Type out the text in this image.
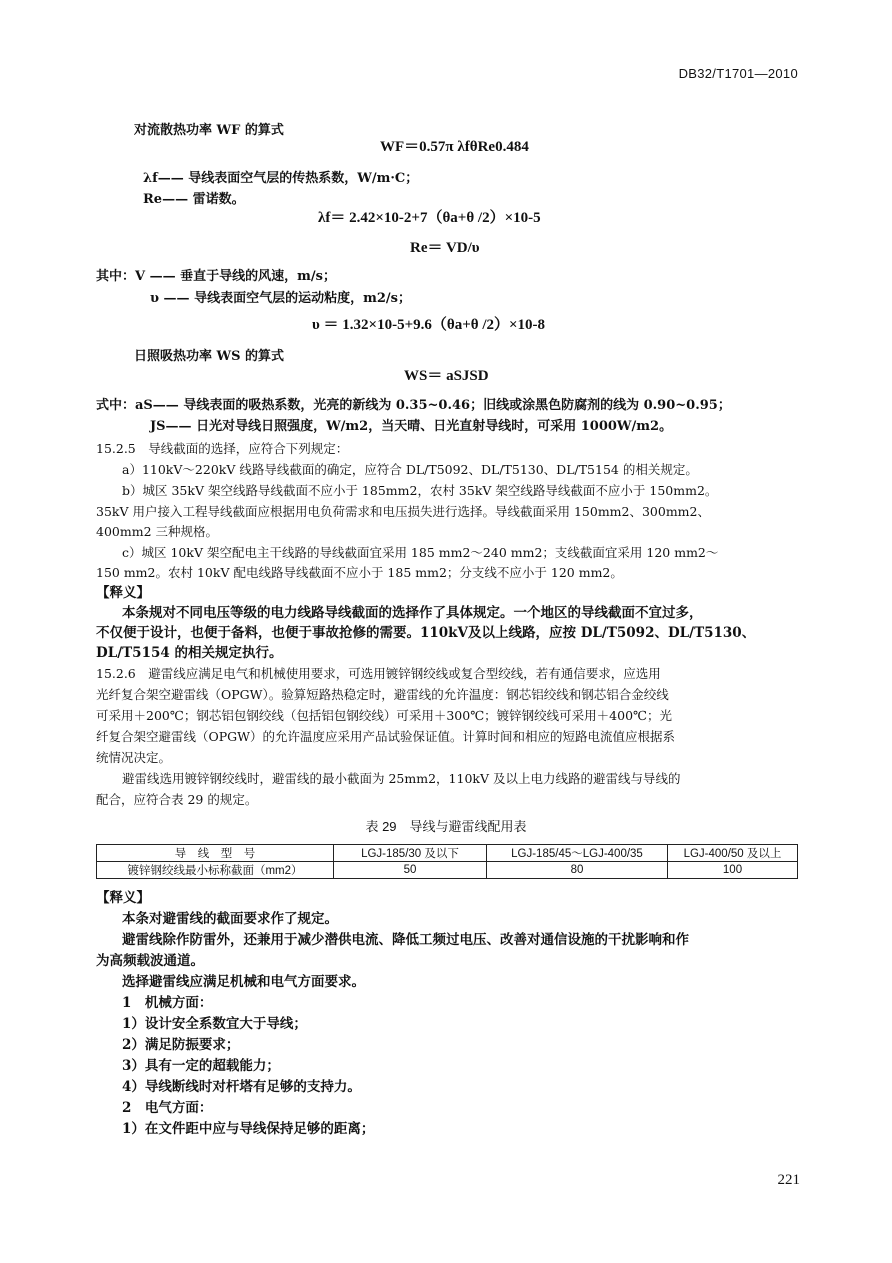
DB32/T1701—2010
对流散热功率 WF 的算式
WF＝0.57π λfθRe0.484
λf—— 导线表面空气层的传热系数，W/m·C；
Re—— 雷诺数。
λf＝ 2.42×10-2+7（θa+θ /2）×10-5
Re＝ VD/υ
其中：V —— 垂直于导线的风速，m/s；
υ —— 导线表面空气层的运动粘度，m2/s；
υ ＝ 1.32×10-5+9.6（θa+θ /2）×10-8
日照吸热功率 WS 的算式
WS＝ aSJSD
式中：aS—— 导线表面的吸热系数，光亮的新线为 0.35~0.46；旧线或涂黑色防腐剂的线为 0.90~0.95；
JS—— 日光对导线日照强度，W/m2，当天晴、日光直射导线时，可采用 1000W/m2。
15.2.5　导线截面的选择，应符合下列规定：
a）110kV～220kV 线路导线截面的确定，应符合 DL/T5092、DL/T5130、DL/T5154 的相关规定。
b）城区 35kV 架空线路导线截面不应小于 185mm2，农村 35kV 架空线路导线截面不应小于 150mm2。
35kV 用户接入工程导线截面应根据用电负荷需求和电压损失进行选择。导线截面采用 150mm2、300mm2、
400mm2 三种规格。
c）城区 10kV 架空配电主干线路的导线截面宜采用 185 mm2～240 mm2；支线截面宜采用 120 mm2～
150 mm2。农村 10kV 配电线路导线截面不应小于 185 mm2；分支线不应小于 120 mm2。
【释义】
本条规对不同电压等级的电力线路导线截面的选择作了具体规定。一个地区的导线截面不宜过多，
不仅便于设计，也便于备料，也便于事故抢修的需要。110kV及以上线路，应按 DL/T5092、DL/T5130、
DL/T5154 的相关规定执行。
15.2.6　避雷线应满足电气和机械使用要求，可选用镀锌钢绞线或复合型绞线，若有通信要求，应选用
光纤复合架空避雷线（OPGW）。验算短路热稳定时，避雷线的允许温度：钢芯铝绞线和钢芯铝合金绞线
可采用＋200℃；钢芯铝包钢绞线（包括铝包钢绞线）可采用＋300℃；镀锌钢绞线可采用＋400℃；光
纤复合架空避雷线（OPGW）的允许温度应采用产品试验保证值。计算时间和相应的短路电流值应根据系
统情况决定。
避雷线选用镀锌钢绞线时，避雷线的最小截面为 25mm2，110kV 及以上电力线路的避雷线与导线的
配合，应符合表 29 的规定。
表 29　导线与避雷线配用表
导　线　型　号	LGJ-185/30 及以下	LGJ-185/45～LGJ-400/35	LGJ-400/50 及以上
镀锌钢绞线最小标称截面（mm2）	50	80	100
【释义】
本条对避雷线的截面要求作了规定。
避雷线除作防雷外，还兼用于减少潜供电流、降低工频过电压、改善对通信设施的干扰影响和作
为高频载波通道。
选择避雷线应满足机械和电气方面要求。
1　机械方面：
1）设计安全系数宜大于导线；
2）满足防振要求；
3）具有一定的超载能力；
4）导线断线时对杆塔有足够的支持力。
2　电气方面：
1）在文件距中应与导线保持足够的距离；
221
